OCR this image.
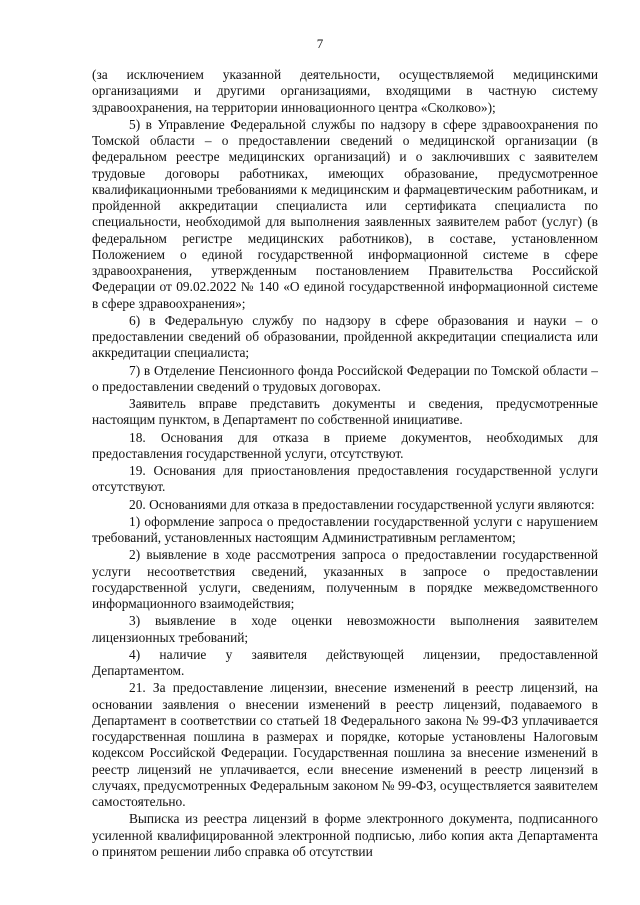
7

(за исключением указанной деятельности, осуществляемой медицинскими организациями и другими организациями, входящими в частную систему здравоохранения, на территории инновационного центра «Сколково»);

5) в Управление Федеральной службы по надзору в сфере здравоохранения по Томской области – о предоставлении сведений о медицинской организации (в федеральном реестре медицинских организаций) и о заключивших с заявителем трудовые договоры работниках, имеющих образование, предусмотренное квалификационными требованиями к медицинским и фармацевтическим работникам, и пройденной аккредитации специалиста или сертификата специалиста по специальности, необходимой для выполнения заявленных заявителем работ (услуг) (в федеральном регистре медицинских работников), в составе, установленном Положением о единой государственной информационной системе в сфере здравоохранения, утвержденным постановлением Правительства Российской Федерации от 09.02.2022 № 140 «О единой государственной информационной системе в сфере здравоохранения»;

6) в Федеральную службу по надзору в сфере образования и науки – о предоставлении сведений об образовании, пройденной аккредитации специалиста или аккредитации специалиста;

7) в Отделение Пенсионного фонда Российской Федерации по Томской области – о предоставлении сведений о трудовых договорах.

Заявитель вправе представить документы и сведения, предусмотренные настоящим пунктом, в Департамент по собственной инициативе.

18. Основания для отказа в приеме документов, необходимых для предоставления государственной услуги, отсутствуют.

19. Основания для приостановления предоставления государственной услуги отсутствуют.

20. Основаниями для отказа в предоставлении государственной услуги являются:

1) оформление запроса о предоставлении государственной услуги с нарушением требований, установленных настоящим Административным регламентом;

2) выявление в ходе рассмотрения запроса о предоставлении государственной услуги несоответствия сведений, указанных в запросе о предоставлении государственной услуги, сведениям, полученным в порядке межведомственного информационного взаимодействия;

3) выявление в ходе оценки невозможности выполнения заявителем лицензионных требований;

4) наличие у заявителя действующей лицензии, предоставленной Департаментом.

21. За предоставление лицензии, внесение изменений в реестр лицензий, на основании заявления о внесении изменений в реестр лицензий, подаваемого в Департамент в соответствии со статьей 18 Федерального закона № 99-ФЗ уплачивается государственная пошлина в размерах и порядке, которые установлены Налоговым кодексом Российской Федерации. Государственная пошлина за внесение изменений в реестр лицензий не уплачивается, если внесение изменений в реестр лицензий в случаях, предусмотренных Федеральным законом № 99-ФЗ, осуществляется заявителем самостоятельно.

Выписка из реестра лицензий в форме электронного документа, подписанного усиленной квалифицированной электронной подписью, либо копия акта Департамента о принятом решении либо справка об отсутствии
